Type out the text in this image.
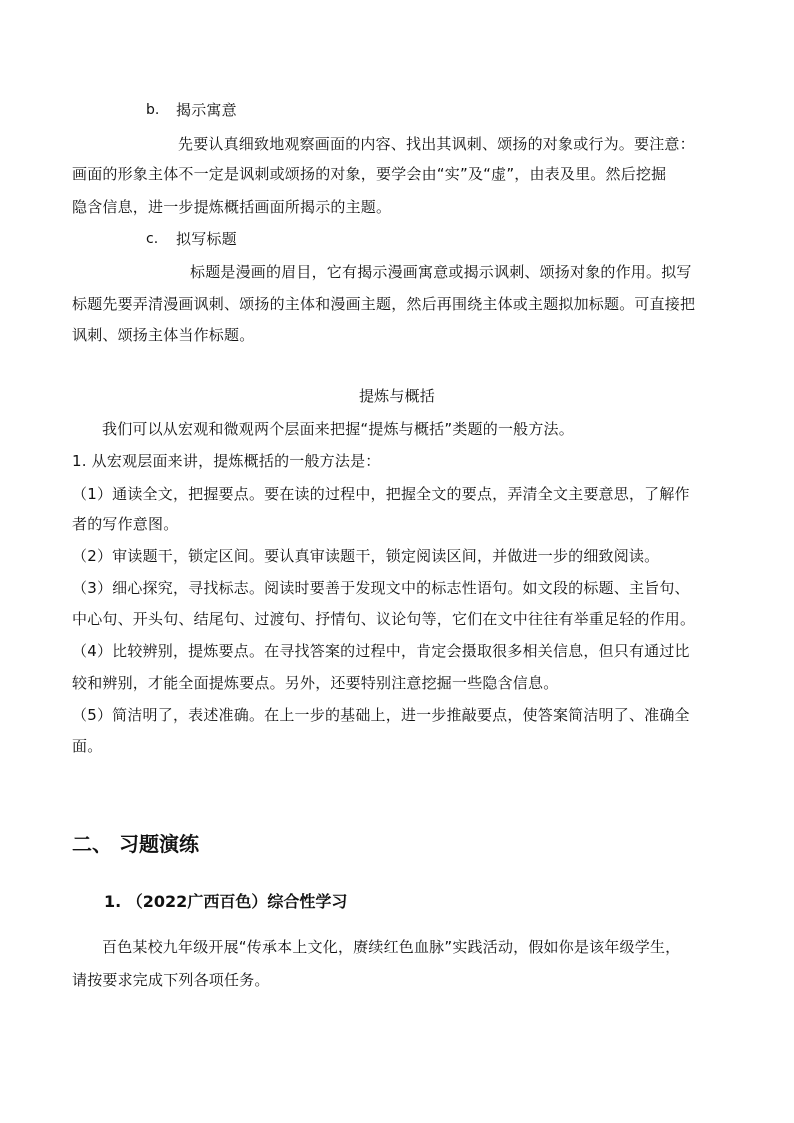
b. 揭示寓意
先要认真细致地观察画面的内容、找出其讽刺、颂扬的对象或行为。要注意：
画面的形象主体不一定是讽刺或颂扬的对象，要学会由“实”及“虚”，由表及里。然后挖掘
隐含信息，进一步提炼概括画面所揭示的主题。
c. 拟写标题
标题是漫画的眉目，它有揭示漫画寓意或揭示讽刺、颂扬对象的作用。拟写
标题先要弄清漫画讽刺、颂扬的主体和漫画主题，然后再围绕主体或主题拟加标题。可直接把
讽刺、颂扬主体当作标题。
提炼与概括
我们可以从宏观和微观两个层面来把握“提炼与概括”类题的一般方法。
1. 从宏观层面来讲，提炼概括的一般方法是：
（1）通读全文，把握要点。要在读的过程中，把握全文的要点，弄清全文主要意思，了解作
者的写作意图。
（2）审读题干，锁定区间。要认真审读题干，锁定阅读区间，并做进一步的细致阅读。
（3）细心探究，寻找标志。阅读时要善于发现文中的标志性语句。如文段的标题、主旨句、
中心句、开头句、结尾句、过渡句、抒情句、议论句等，它们在文中往往有举重足轻的作用。
（4）比较辨别，提炼要点。在寻找答案的过程中，肯定会摄取很多相关信息，但只有通过比
较和辨别，才能全面提炼要点。另外，还要特别注意挖掘一些隐含信息。
（5）简洁明了，表述准确。在上一步的基础上，进一步推敲要点，使答案简洁明了、准确全
面。
二、 习题演练
1. （2022广西百色）综合性学习
百色某校九年级开展“传承本上文化，赓续红色血脉”实践活动，假如你是该年级学生，
请按要求完成下列各项任务。
